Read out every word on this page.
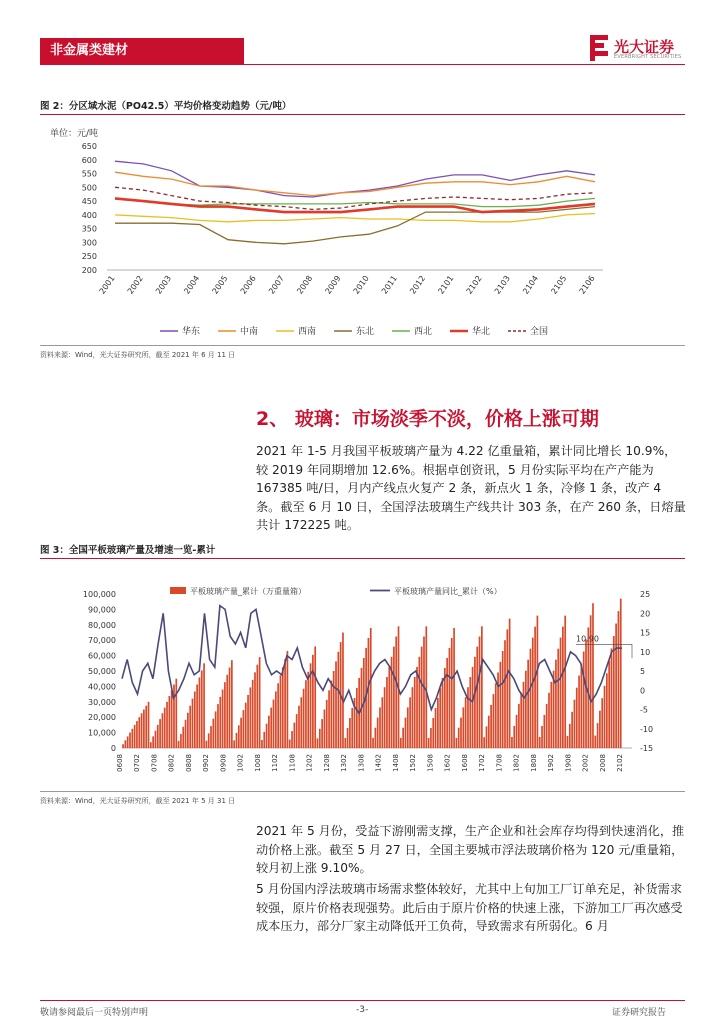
非金属类建材	光大证券
EVERBRIGHT SECURITIES
图 2：分区域水泥（PO42.5）平均价格变动趋势（元/吨）
单位：元/吨
200
250
300
350
400
450
500
550
600
650
2001 2002 2003 2004 2005 2006 2007 2008 2009 2010 2011 2012 2101 2102 2103 2104 2105 2106
华东	中南	西南	东北	西北	华北	全国
资料来源：Wind，光大证券研究所，截至 2021 年 6 月 11 日
2、 玻璃：市场淡季不淡，价格上涨可期

2021 年 1-5 月我国平板玻璃产量为 4.22 亿重量箱，累计同比增长 10.9%，较 2019 年同期增加 12.6%。根据卓创资讯，5 月份实际平均在产产能为 167385 吨/日，月内产线点火复产 2 条，新点火 1 条，冷修 1 条，改产 4 条。截至 6 月 10 日，全国浮法玻璃生产线共计 303 条，在产 260 条，日熔量共计 172225 吨。

图 3：全国平板玻璃产量及增速一览-累计
0
10,000
20,000
30,000
40,000
50,000
60,000
70,000
80,000
90,000
100,000
-15
-10
-5
0
5
10
15
20
25
10.90
0608 0702 0708 0802 0808 0902 0908 1002 1008 1102 1108 1202 1208 1302 1308 1402 1408 1502 1508 1602 1608 1702 1708 1802 1808 1902 1908 2002 2008 2102
平板玻璃产量_累计（万重量箱）	平板玻璃产量同比_累计（%）
资料来源：Wind，光大证券研究所，截至 2021 年 5 月 31 日

2021 年 5 月份，受益下游刚需支撑，生产企业和社会库存均得到快速消化，推动价格上涨。截至 5 月 27 日，全国主要城市浮法玻璃价格为 120 元/重量箱，较月初上涨 9.10%。

5 月份国内浮法玻璃市场需求整体较好，尤其中上旬加工厂订单充足，补货需求较强，原片价格表现强势。此后由于原片价格的快速上涨，下游加工厂再次感受成本压力，部分厂家主动降低开工负荷，导致需求有所弱化。6 月

敬请参阅最后一页特别声明	-3-	证券研究报告
